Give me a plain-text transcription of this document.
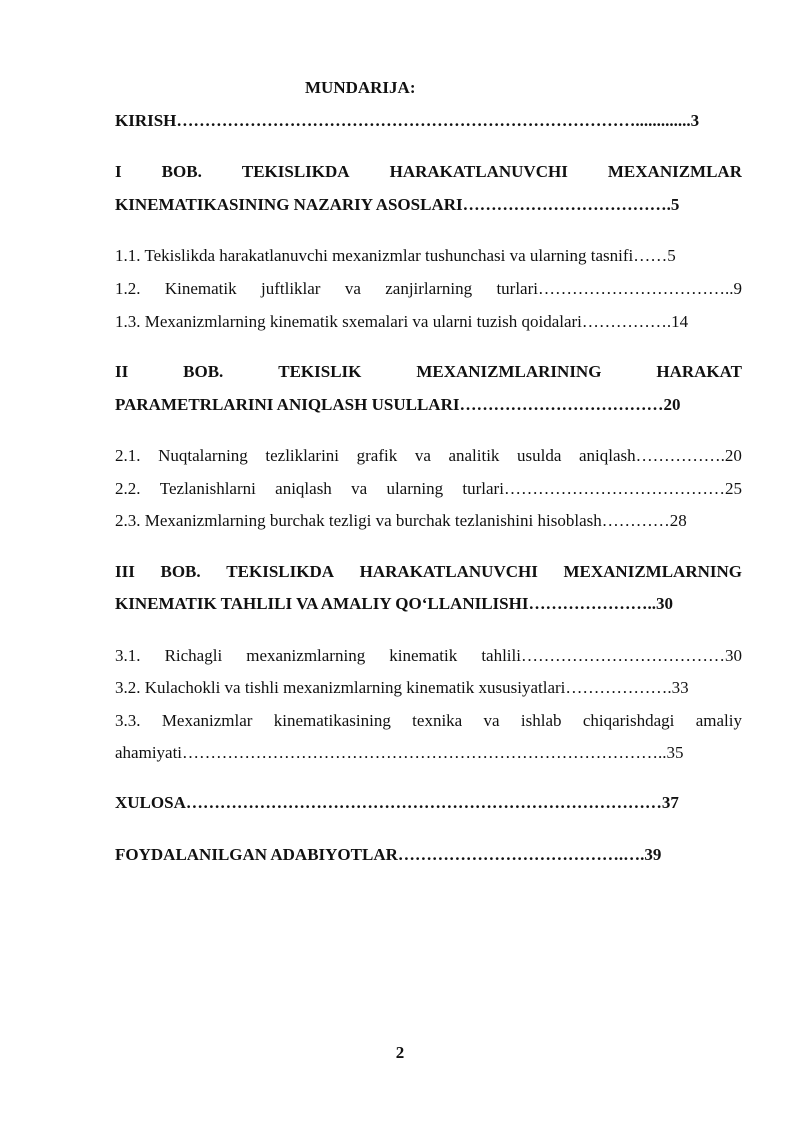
MUNDARIJA:
KIRISH……………………………………………………………………….............3
I BOB. TEKISLIKDA HARAKATLANUVCHI MEXANIZMLAR
KINEMATIKASINING NAZARIY ASOSLARI……………………………….5
1.1. Tekislikda harakatlanuvchi mexanizmlar tushunchasi va ularning tasnifi……5
1.2. Kinematik juftliklar va zanjirlarning turlari……………………………..9
1.3. Mexanizmlarning kinematik sxemalari va ularni tuzish qoidalari…………….14
II	BOB.	TEKISLIK	MEXANIZMLARINING	HARAKAT
PARAMETRLARINI ANIQLASH USULLARI………………………………20
2.1. Nuqtalarning tezliklarini grafik va analitik usulda aniqlash…………….20
2.2. Tezlanishlarni aniqlash va ularning turlari…………………………………25
2.3. Mexanizmlarning burchak tezligi va burchak tezlanishini hisoblash…………28
III BOB. TEKISLIKDA HARAKATLANUVCHI MEXANIZMLARNING
KINEMATIK TAHLILI VA AMALIY QO‘LLANILISHI…………………..30
3.1. Richagli mexanizmlarning kinematik tahlili………………………………30
3.2. Kulachokli va tishli mexanizmlarning kinematik xususiyatlari……………….33
3.3. Mexanizmlar kinematikasining texnika va ishlab chiqarishdagi amaliy
ahamiyati…………………………………………………………………………..35
XULOSA…………………………………………………………………………37
FOYDALANILGAN ADABIYOTLAR………………………………….….39
2
